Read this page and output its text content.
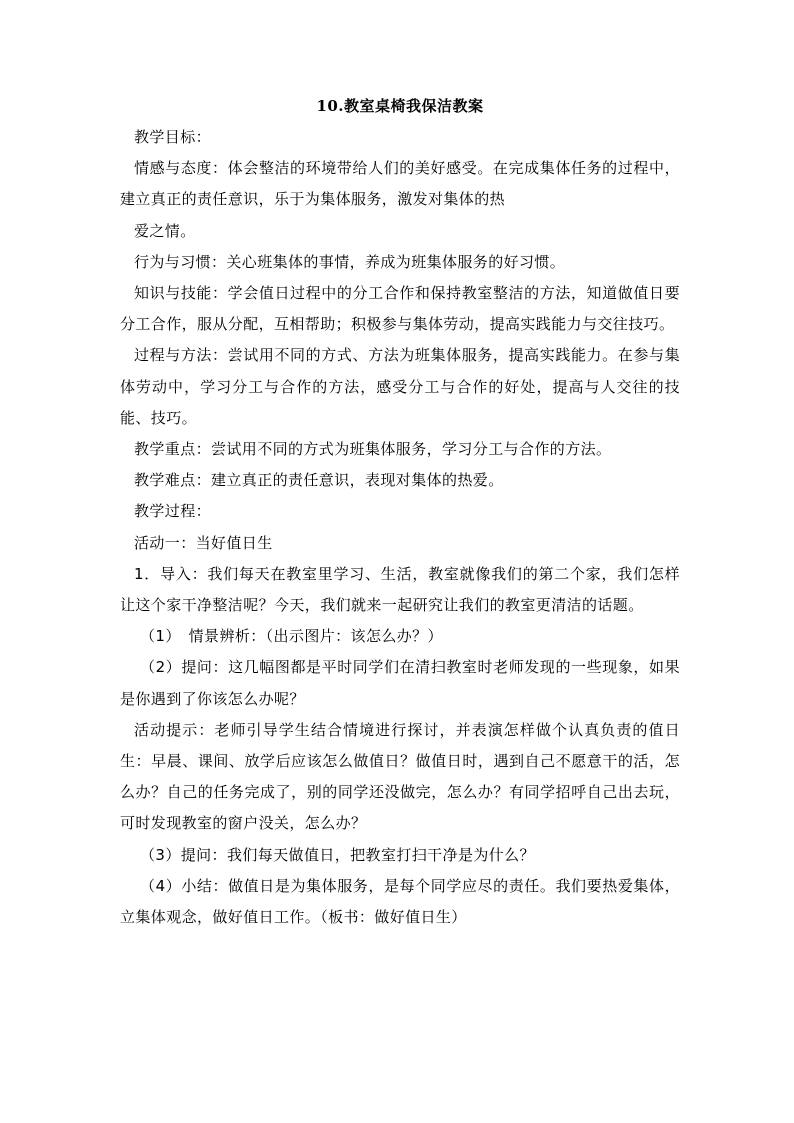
10.教室桌椅我保洁教案

教学目标：

情感与态度：体会整洁的环境带给人们的美好感受。在完成集体任务的过程中，建立真正的责任意识，乐于为集体服务，激发对集体的热

爱之情。

行为与习惯：关心班集体的事情，养成为班集体服务的好习惯。

知识与技能：学会值日过程中的分工合作和保持教室整洁的方法，知道做值日要分工合作，服从分配，互相帮助；积极参与集体劳动，提高实践能力与交往技巧。

过程与方法：尝试用不同的方式、方法为班集体服务，提高实践能力。在参与集体劳动中，学习分工与合作的方法，感受分工与合作的好处，提高与人交往的技能、技巧。

教学重点：尝试用不同的方式为班集体服务，学习分工与合作的方法。

教学难点：建立真正的责任意识，表现对集体的热爱。

教学过程：

活动一：当好值日生

1．导入：我们每天在教室里学习、生活，教室就像我们的第二个家，我们怎样让这个家干净整洁呢？今天，我们就来一起研究让我们的教室更清洁的话题。

（1）　情景辨析：（出示图片：该怎么办？）

（2）提问：这几幅图都是平时同学们在清扫教室时老师发现的一些现象，如果是你遇到了你该怎么办呢？

活动提示：老师引导学生结合情境进行探讨，并表演怎样做个认真负责的值日生：早晨、课间、放学后应该怎么做值日？做值日时，遇到自己不愿意干的活，怎么办？自己的任务完成了，别的同学还没做完，怎么办？有同学招呼自己出去玩，可时发现教室的窗户没关，怎么办？

（3）提问：我们每天做值日，把教室打扫干净是为什么？

（4）小结：做值日是为集体服务，是每个同学应尽的责任。我们要热爱集体，立集体观念，做好值日工作。（板书：做好值日生）
